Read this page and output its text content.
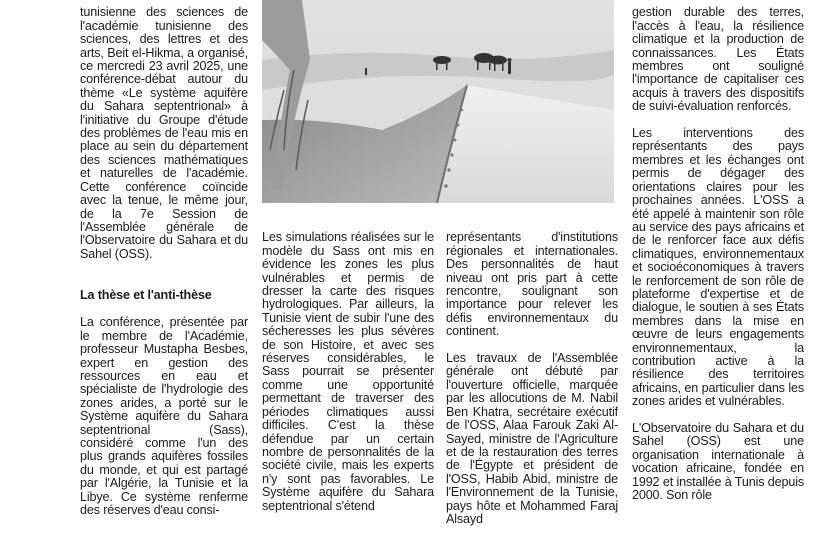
tunisienne des sciences de l'académie tunisienne des sciences, des lettres et des arts, Beit el-Hikma, a organisé, ce mercredi 23 avril 2025, une conférence-débat autour du thème «Le système aquifère du Sahara septentrional» à l'initiative du Groupe d'étude des problèmes de l'eau mis en place au sein du département des sciences mathématiques et naturelles de l'académie. Cette conférence coïncide avec la tenue, le même jour, de la 7e Session de l'Assemblée générale de l'Observatoire du Sahara et du Sahel (OSS).

La thèse et l'anti-thèse

La conférence, présentée par le membre de l'Académie, professeur Mustapha Besbes, expert en gestion des ressources en eau et spécialiste de l'hydrologie des zones arides, a porté sur le Système aquifère du Sahara septentrional (Sass), considéré comme l'un des plus grands aquifères fossiles du monde, et qui est partagé par l'Algérie, la Tunisie et la Libye. Ce système renferme des réserves d'eau consi-

Les simulations réalisées sur le modèle du Sass ont mis en évidence les zones les plus vulnérables et permis de dresser la carte des risques hydrologiques. Par ailleurs, la Tunisie vient de subir l'une des sécheresses les plus sévères de son Histoire, et avec ses réserves considérables, le Sass pourrait se présenter comme une opportunité permettant de traverser des périodes climatiques aussi difficiles. C'est la thèse défendue par un certain nombre de personnalités de la société civile, mais les experts n'y sont pas favorables. Le Système aquifère du Sahara septentrional s'étend

représentants d'institutions régionales et internationales. Des personnalités de haut niveau ont pris part à cette rencontre, soulignant son importance pour relever les défis environnementaux du continent.

Les travaux de l'Assemblée générale ont débuté par l'ouverture officielle, marquée par les allocutions de M. Nabil Ben Khatra, secrétaire exécutif de l'OSS, Alaa Farouk Zaki Al-Sayed, ministre de l'Agriculture et de la restauration des terres de l'Égypte et président de l'OSS, Habib Abid, ministre de l'Environnement de la Tunisie, pays hôte et Mohammed Faraj Alsayd

gestion durable des terres, l'accès à l'eau, la résilience climatique et la production de connaissances. Les États membres ont souligné l'importance de capitaliser ces acquis à travers des dispositifs de suivi-évaluation renforcés.

Les interventions des représentants des pays membres et les échanges ont permis de dégager des orientations claires pour les prochaines années. L'OSS a été appelé à maintenir son rôle au service des pays africains et de le renforcer face aux défis climatiques, environnementaux et socioéconomiques à travers le renforcement de son rôle de plateforme d'expertise et de dialogue, le soutien à ses États membres dans la mise en œuvre de leurs engagements environnementaux, la contribution active à la résilience des territoires africains, en particulier dans les zones arides et vulnérables.

L'Observatoire du Sahara et du Sahel (OSS) est une organisation internationale à vocation africaine, fondée en 1992 et installée à Tunis depuis 2000. Son rôle
